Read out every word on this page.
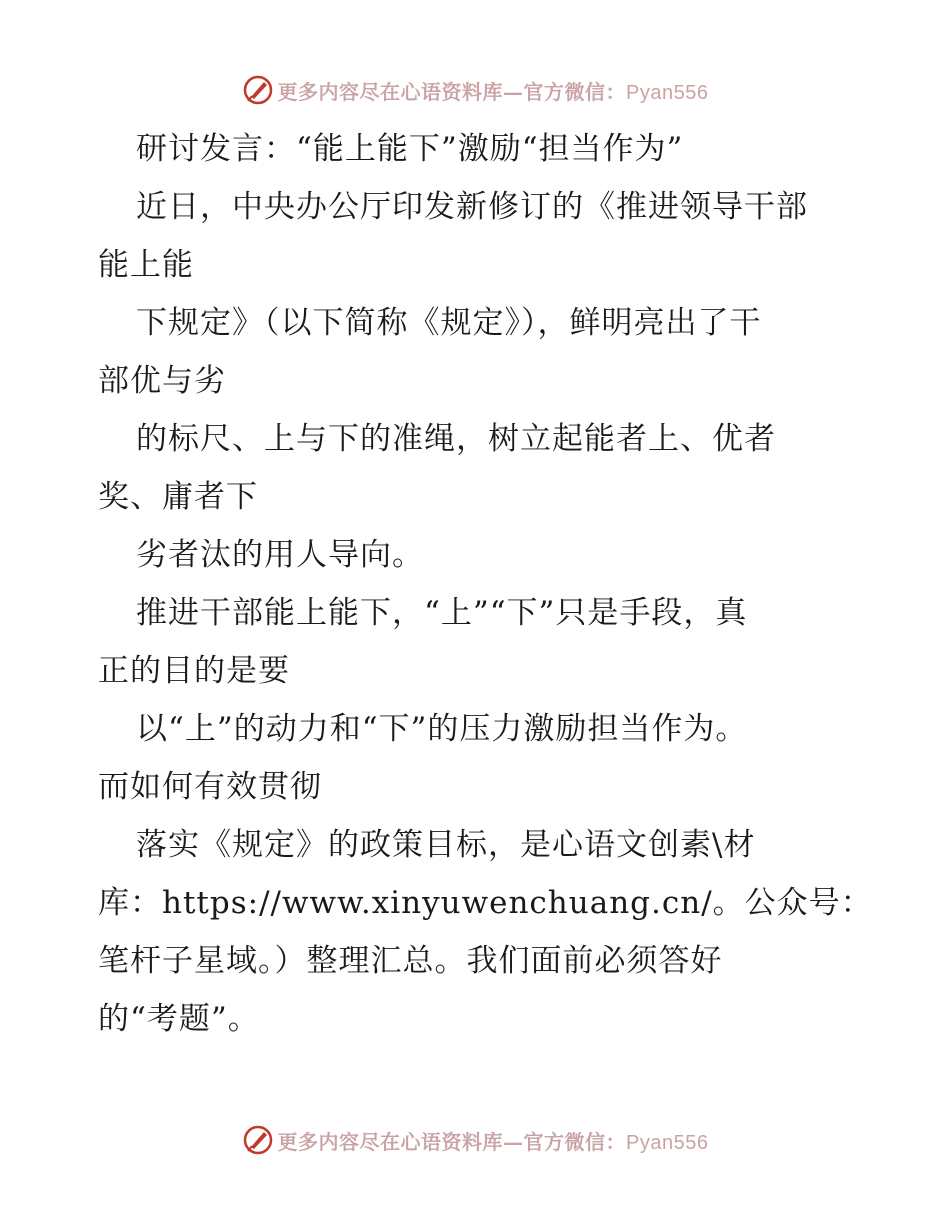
更多内容尽在心语资料库—官方微信：Pyan556
研讨发言：“能上能下”激励“担当作为”
近日，中央办公厅印发新修订的《推进领导干部
能上能
下规定》（以下简称《规定》），鲜明亮出了干
部优与劣
的标尺、上与下的准绳，树立起能者上、优者
奖、庸者下
劣者汰的用人导向。
推进干部能上能下，“上”“下”只是手段，真
正的目的是要
以“上”的动力和“下”的压力激励担当作为。
而如何有效贯彻
落实《规定》的政策目标，是心语文创素\材
库：https://www.xinyuwenchuang.cn/。公众号：
笔杆子星域。）整理汇总。我们面前必须答好
的“考题”。
更多内容尽在心语资料库—官方微信：Pyan556
